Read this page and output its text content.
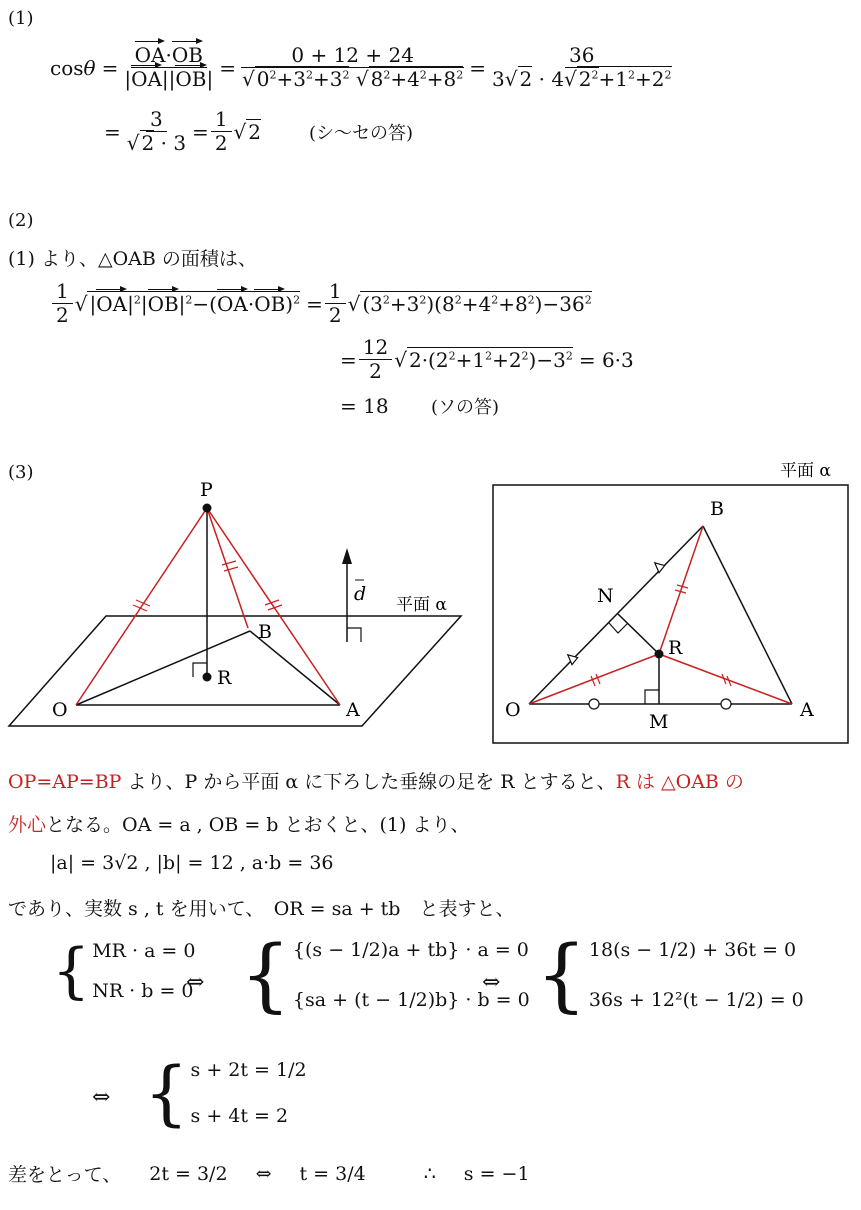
(1)
$\cos\theta = \frac{OA\cdot OB}{|OA||OB|} = \frac{0 + 12 + 24}{√ 0^2+3^2+3^2 √ 8^2+4^2+8^2} = \frac{36}{3√ 2 \cdot 4√ 2^2+1^2+2^2}$
= $\frac{3}{√ 2 \cdot 3} = \frac{1}{2}$ √ 2	(シ〜セの答)
(2)
(1) より、△OAB の面積は、
$\frac{1}{2}$ √ $|OA|^2|OB|^2-(OA\cdot OB)^2 = \frac{1}{2}$ √ $(3^2+3^2)(8^2+4^2+8^2)-36^2$
= $\frac{12}{2}$ √ $2\cdot(2^2+1^2+2^2)-3^2 = 6\cdot 3$
= 18 (ソの答)
(3)
P
B
R
O	A
d 平面 α
平面 α
B
N
R
O
M
A
OP=AP=BP より、P から平面 α に下ろした垂線の足を R とすると、R は △OAB の
外心となる。OA = a , OB = b とおくと、(1) より、
|a| = 3√2 , |b| = 12 , a·b = 36
であり、実数 s , t を用いて、　OR = sa + tb　と表すと、
{ MR · a = 0
NR · b = 0
⇔ { {(s − 1/2)a + tb} · a = 0
{sa + (t − 1/2)b} · b = 0
⇔ { 18(s − 1/2) + 36t = 0
36s + 12²(t − 1/2) = 0
⇔ { s + 2t = 1/2
s + 4t = 2
差をとって、 2t = 3/2 ⇔ t = 3/4	∴ s = −1
